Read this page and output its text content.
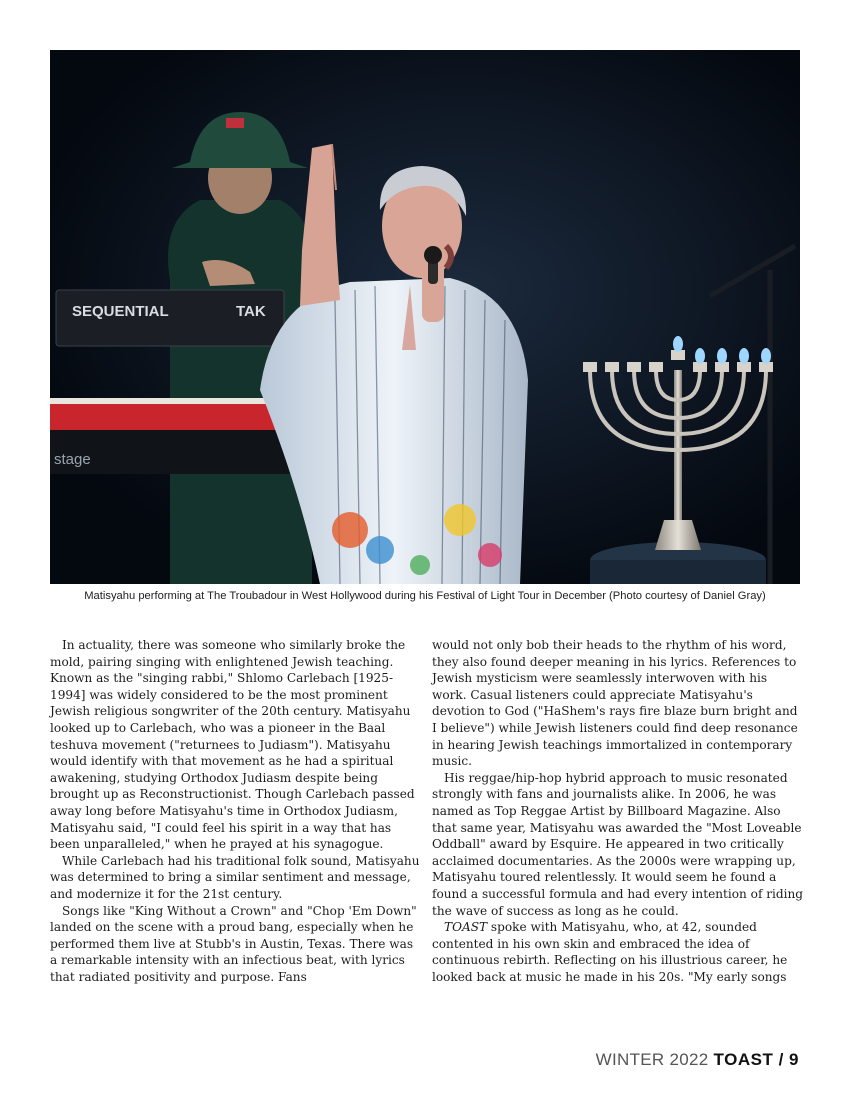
SEQUENTIAL	TAK
stage
Matisyahu performing at The Troubadour in West Hollywood during his Festival of Light Tour in December (Photo courtesy of Daniel Gray)

In actuality, there was someone who similarly broke the mold, pairing singing with enlightened Jewish teaching. Known as the "singing rabbi," Shlomo Carlebach [1925-1994] was widely considered to be the most prominent Jewish religious songwriter of the 20th century. Matisyahu looked up to Carlebach, who was a pioneer in the Baal teshuva movement ("returnees to Judiasm"). Matisyahu would identify with that movement as he had a spiritual awakening, studying Orthodox Judiasm despite being brought up as Reconstructionist. Though Carlebach passed away long before Matisyahu's time in Orthodox Judiasm, Matisyahu said, "I could feel his spirit in a way that has been unparalleled," when he prayed at his synagogue.

While Carlebach had his traditional folk sound, Matisyahu was determined to bring a similar sentiment and message, and modernize it for the 21st century.

Songs like "King Without a Crown" and "Chop 'Em Down" landed on the scene with a proud bang, especially when he performed them live at Stubb's in Austin, Texas. There was a remarkable intensity with an infectious beat, with lyrics that radiated positivity and purpose. Fans

would not only bob their heads to the rhythm of his word, they also found deeper meaning in his lyrics. References to Jewish mysticism were seamlessly interwoven with his work. Casual listeners could appreciate Matisyahu's devotion to God ("HaShem's rays fire blaze burn bright and I believe") while Jewish listeners could find deep resonance in hearing Jewish teachings immortalized in contemporary music.

His reggae/hip-hop hybrid approach to music resonated strongly with fans and journalists alike. In 2006, he was named as Top Reggae Artist by Billboard Magazine. Also that same year, Matisyahu was awarded the "Most Loveable Oddball" award by Esquire. He appeared in two critically acclaimed documentaries. As the 2000s were wrapping up, Matisyahu toured relentlessly. It would seem he found a found a successful formula and had every intention of riding the wave of success as long as he could.

TOAST spoke with Matisyahu, who, at 42, sounded contented in his own skin and embraced the idea of continuous rebirth. Reflecting on his illustrious career, he looked back at music he made in his 20s. "My early songs

WINTER 2022 TOAST / 9
